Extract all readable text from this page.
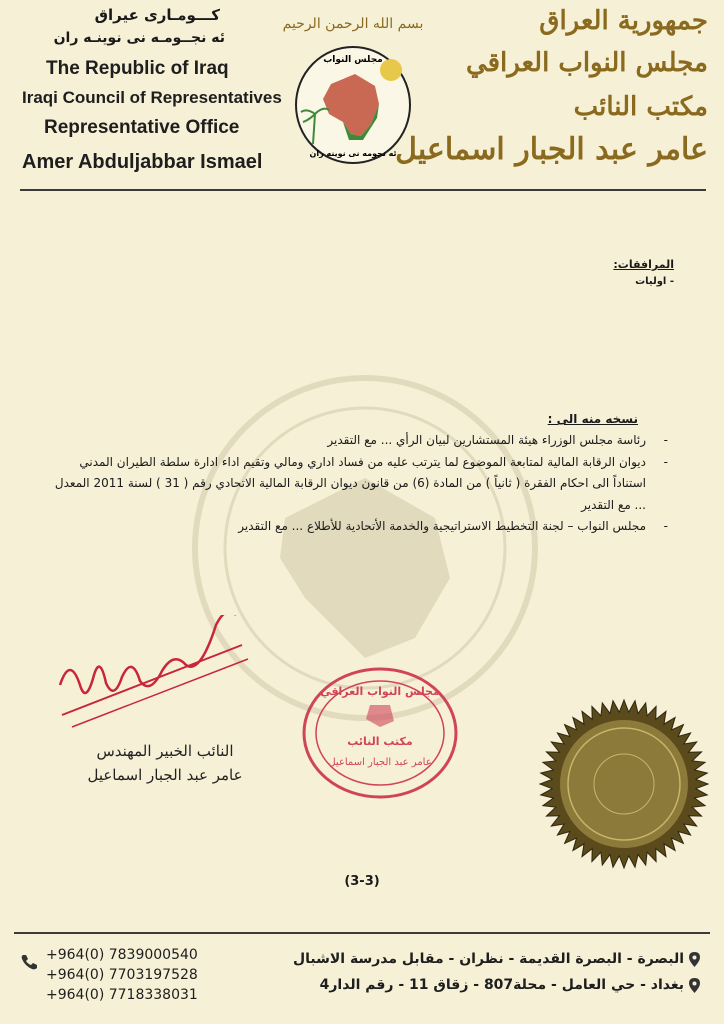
كـــومـاری عيراق
ئه نجــومـه نى نوينـه ران
The Republic of Iraq
Iraqi Council of Representatives
Representative Office
Amer Abduljabbar Ismael
بسم الله الرحمن الرحيم
مجلس النواب
ئه نجومه نى نوينه ران
جمهورية العراق
مجلس النواب العراقي
مكتب النائب
عامر عبد الجبار اسماعيل
المرافقات:
- اوليات
نسخه منه الى :
-
رئاسة مجلس الوزراء هيئة المستشارين لبيان الرأي ... مع التقدير
-
ديوان الرقابة المالية لمتابعة الموضوع لما يترتب عليه من فساد اداري ومالي وتقيم اداء ادارة سلطة الطيران المدني استناداً الى احكام الفقرة ( ثانياً ) من المادة (6) من قانون ديوان الرقابة المالية الاتحادي رقم ( 31 ) لسنة 2011 المعدل ... مع التقدير
-
مجلس النواب – لجنة التخطيط الاستراتيجية والخدمة الأتحادية للأطلاع ... مع التقدير
النائب الخبير المهندس
عامر عبد الجبار اسماعيل
مجلس النواب العراقي
مكتب النائب
عامر عبد الجبار اسماعيل
(3-3)
+964(0) 7839000540
+964(0) 7703197528
+964(0) 7718338031
البصرة - البصرة القديمة - نظران - مقابل مدرسة الاشبال
بغداد - حي العامل - محلة807 - زقاق 11 - رقم الدار4
